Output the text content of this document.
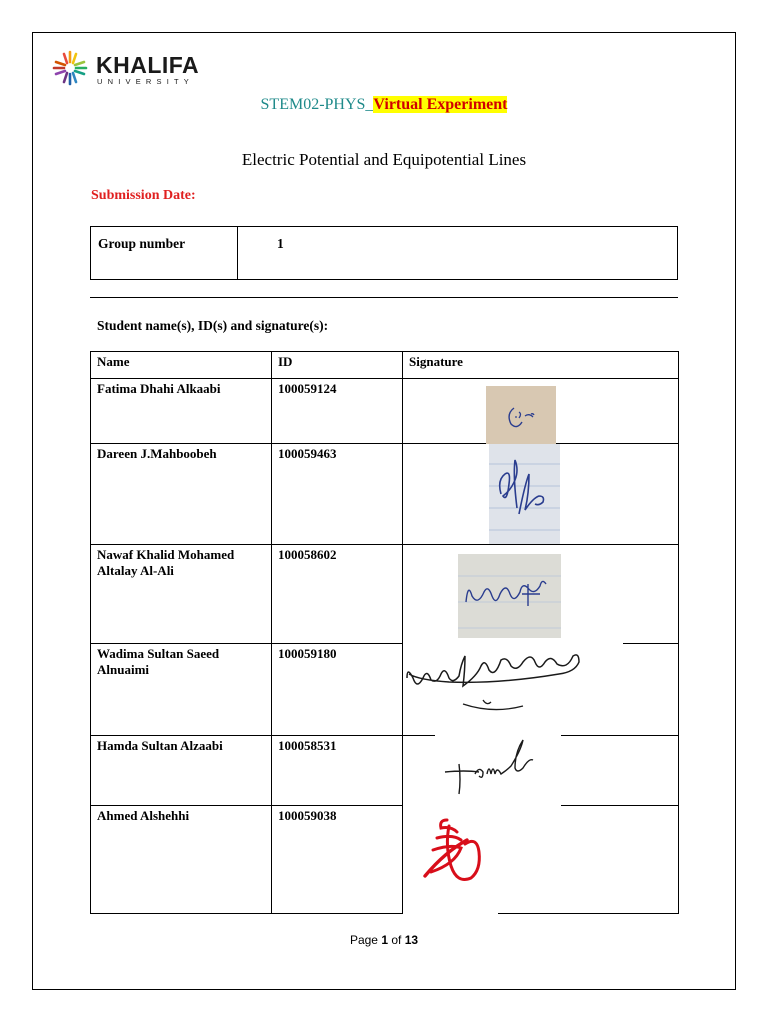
KHALIFA
UNIVERSITY
STEM02-PHYS_Virtual Experiment
Electric Potential and Equipotential Lines
Submission Date:
Group number	1
Student name(s), ID(s) and signature(s):
Name	ID	Signature
Fatima Dhahi Alkaabi	100059124	

Dareen J.Mahboobeh	100059463	

Nawaf Khalid Mohamed Altalay Al-Ali	100058602	

Wadima Sultan Saeed Alnuaimi	100059180	

Hamda Sultan Alzaabi	100058531	

Ahmed Alshehhi	100059038	
Page 1 of 13
